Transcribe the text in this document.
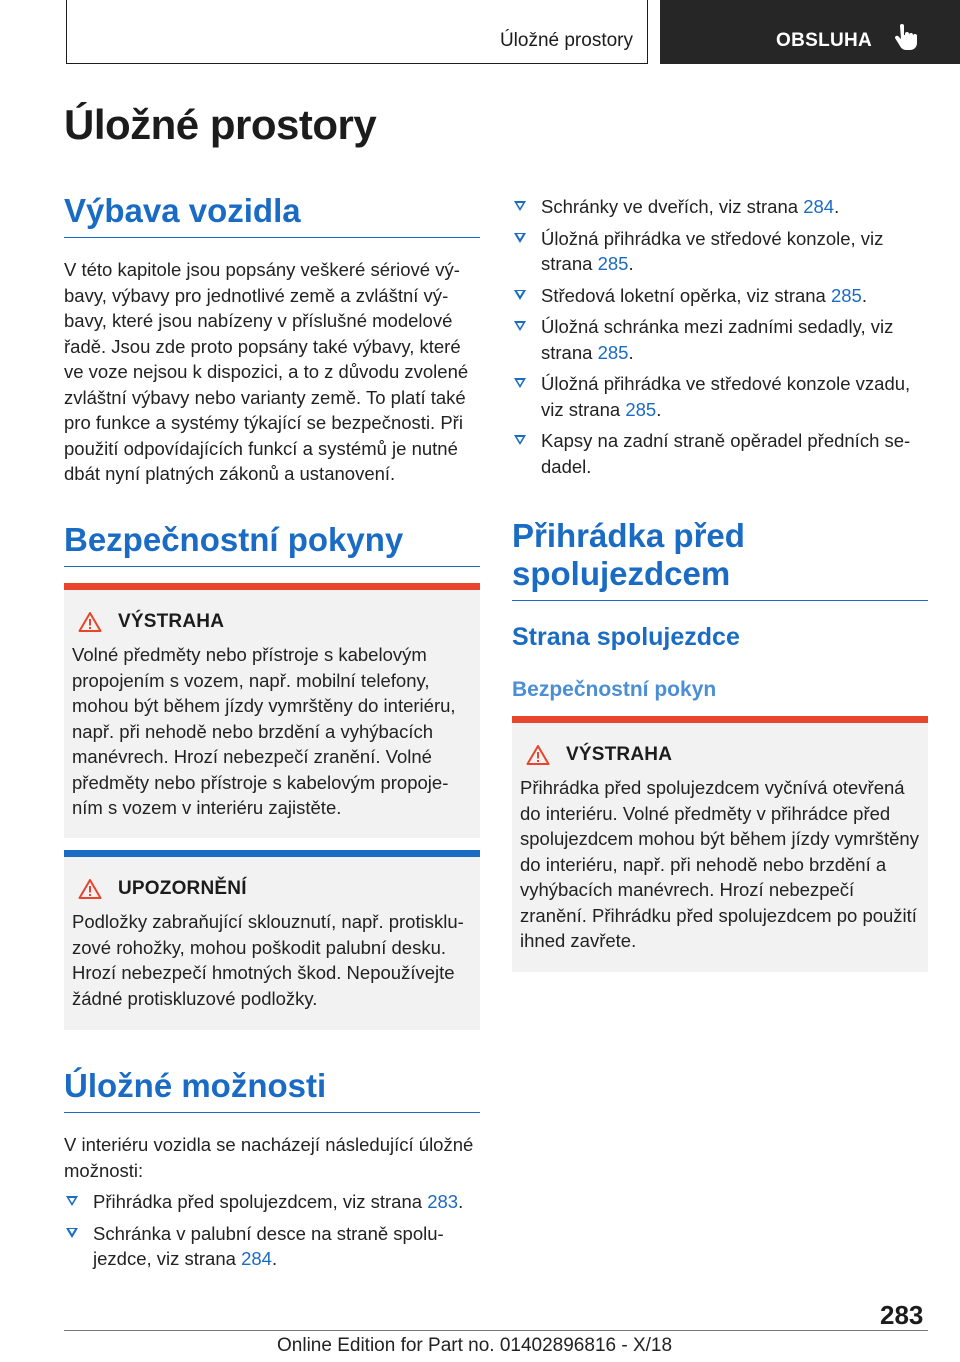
Úložné prostory	OBSLUHA
Úložné prostory
Výbava vozidla

V této kapitole jsou popsány veškeré sériové výbavy, výbavy pro jednotlivé země a zvláštní výbavy, které jsou nabízeny v příslušné modelové řadě. Jsou zde proto popsány také výbavy, které ve voze nejsou k dispozici, a to z důvodu zvolené zvláštní výbavy nebo varianty země. To platí také pro funkce a systémy týkající se bezpečnosti. Při použití odpovídajících funkcí a systémů je nutné dbát nyní platných zákonů a ustanovení.

Bezpečnostní pokyny
VÝSTRAHA

Volné předměty nebo přístroje s kabelovým propojením s vozem, např. mobilní telefony, mohou být během jízdy vymrštěny do interiéru, např. při nehodě nebo brzdění a vyhýbacích manévrech. Hrozí nebezpečí zranění. Volné předměty nebo přístroje s kabelovým propojením s vozem v interiéru zajistěte.

UPOZORNĚNÍ

Podložky zabraňující sklouznutí, např. protiskluzové rohožky, mohou poškodit palubní desku. Hrozí nebezpečí hmotných škod. Nepoužívejte žádné protiskluzové podložky.

Úložné možnosti

V interiéru vozidla se nacházejí následující úložné možnosti:

Přihrádka před spolujezdcem, viz strana 283.
Schránka v palubní desce na straně spolujezdce, viz strana 284.
Schránky ve dveřích, viz strana 284.
Úložná přihrádka ve středové konzole, viz strana 285.
Středová loketní opěrka, viz strana 285.
Úložná schránka mezi zadními sedadly, viz strana 285.
Úložná přihrádka ve středové konzole vzadu, viz strana 285.
Kapsy na zadní straně opěradel předních sedadel.
Přihrádka před spolujezdcem
Strana spolujezdce
Bezpečnostní pokyn
VÝSTRAHA

Přihrádka před spolujezdcem vyčnívá otevřená do interiéru. Volné předměty v přihrádce před spolujezdcem mohou být během jízdy vymrštěny do interiéru, např. při nehodě nebo brzdění a vyhýbacích manévrech. Hrozí nebezpečí zranění. Přihrádku před spolujezdcem po použití ihned zavřete.

283
Online Edition for Part no. 01402896816 - X/18
